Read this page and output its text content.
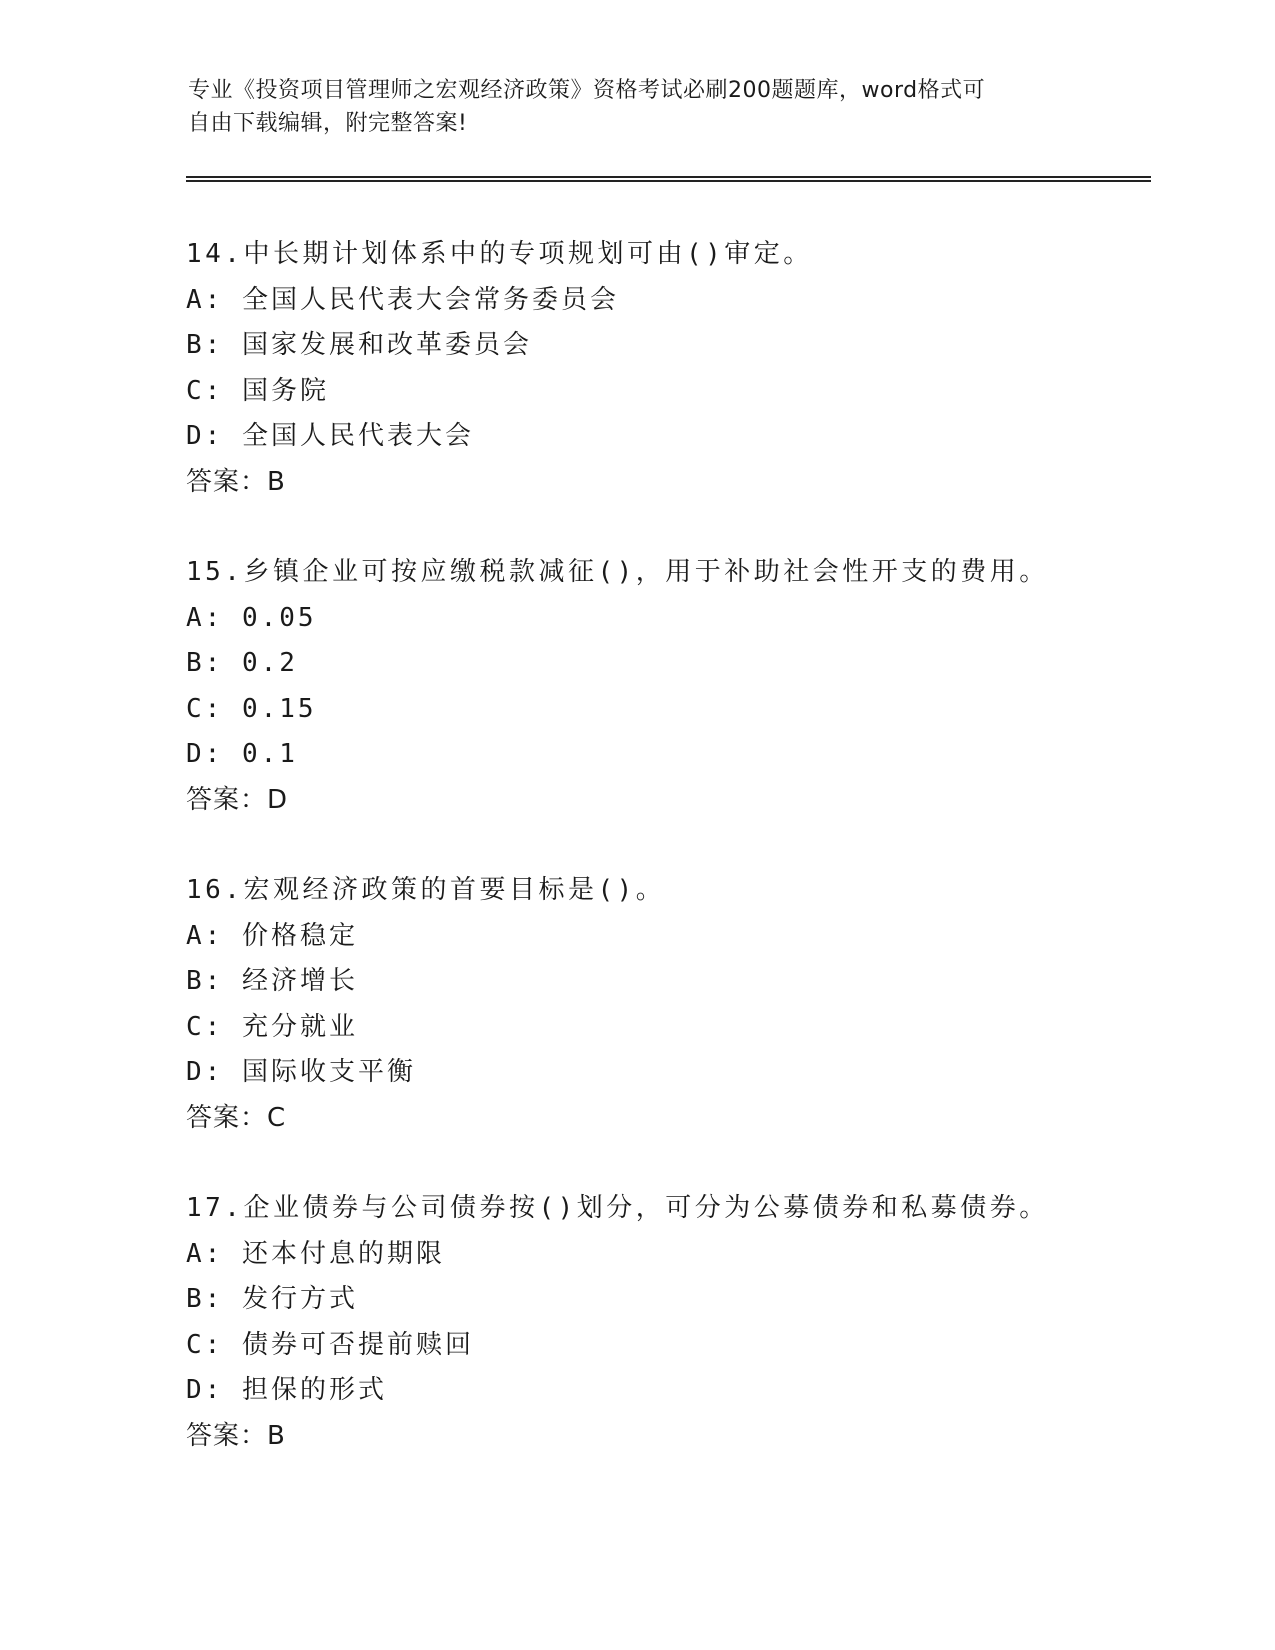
专业《投资项目管理师之宏观经济政策》资格考试必刷200题题库，word格式可
自由下载编辑，附完整答案!
14.中长期计划体系中的专项规划可由()审定。
A: 全国人民代表大会常务委员会
B: 国家发展和改革委员会
C: 国务院
D: 全国人民代表大会
答案：B
15.乡镇企业可按应缴税款减征()，用于补助社会性开支的费用。
A: 0.05
B: 0.2
C: 0.15
D: 0.1
答案：D
16.宏观经济政策的首要目标是()。
A: 价格稳定
B: 经济增长
C: 充分就业
D: 国际收支平衡
答案：C
17.企业债券与公司债券按()划分，可分为公募债券和私募债券。
A: 还本付息的期限
B: 发行方式
C: 债券可否提前赎回
D: 担保的形式
答案：B
